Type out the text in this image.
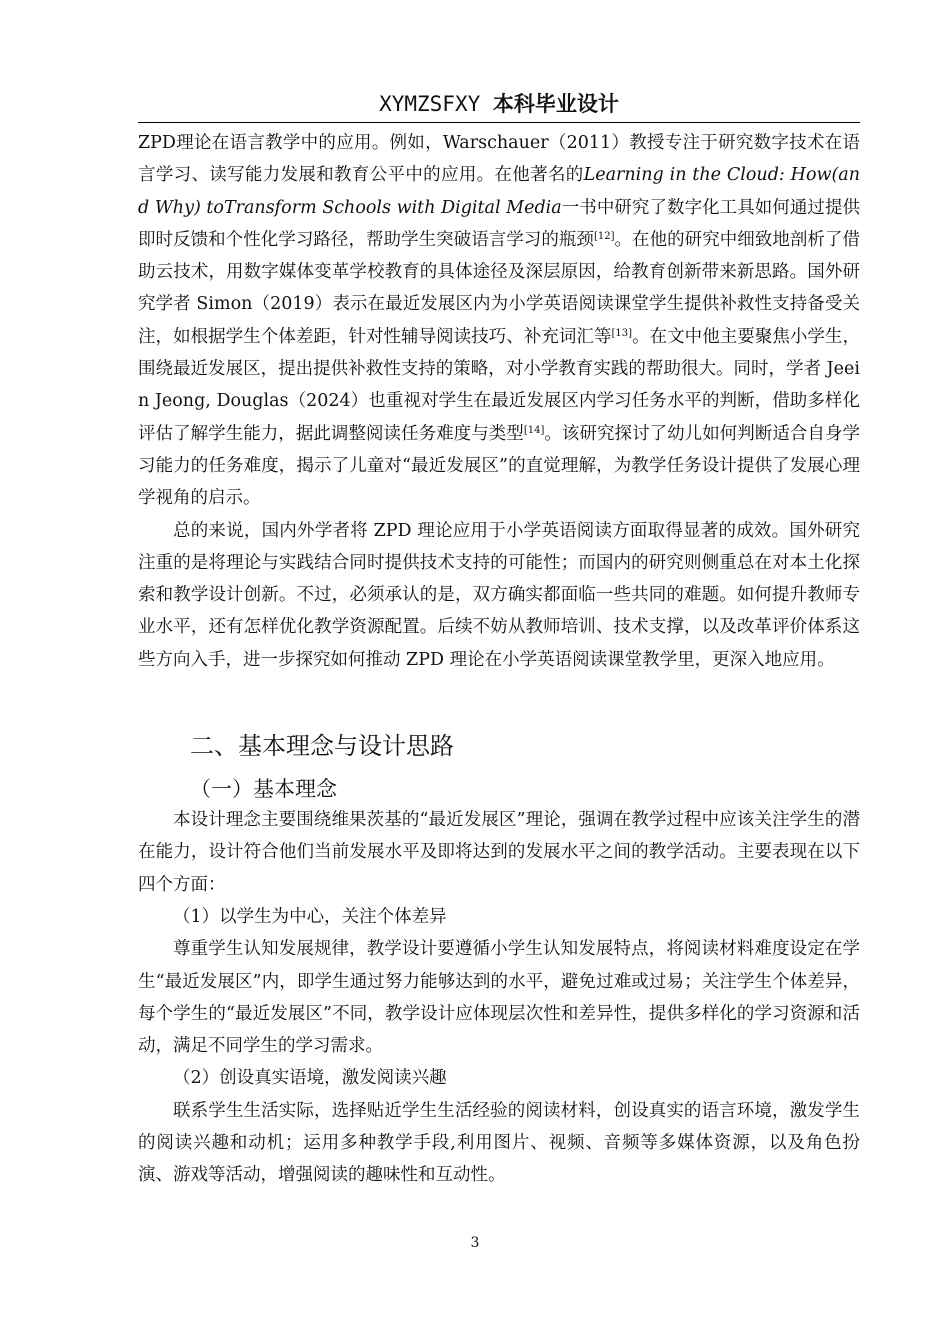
XYMZSFXY 本科毕业设计

ZPD理论在语言教学中的应用。例如，Warschauer（2011）教授专注于研究数字技术在语言学习、读写能力发展和教育公平中的应用。在他著名的Learning in the Cloud: How(and Why) toTransform Schools with Digital Media一书中研究了数字化工具如何通过提供即时反馈和个性化学习路径，帮助学生突破语言学习的瓶颈[12]。在他的研究中细致地剖析了借助云技术，用数字媒体变革学校教育的具体途径及深层原因，给教育创新带来新思路。国外研究学者 Simon（2019）表示在最近发展区内为小学英语阅读课堂学生提供补救性支持备受关注，如根据学生个体差距，针对性辅导阅读技巧、补充词汇等[13]。在文中他主要聚焦小学生，围绕最近发展区，提出提供补救性支持的策略，对小学教育实践的帮助很大。同时，学者 Jeein Jeong, Douglas（2024）也重视对学生在最近发展区内学习任务水平的判断，借助多样化评估了解学生能力，据此调整阅读任务难度与类型[14]。该研究探讨了幼儿如何判断适合自身学习能力的任务难度，揭示了儿童对“最近发展区”的直觉理解，为教学任务设计提供了发展心理学视角的启示。

总的来说，国内外学者将 ZPD 理论应用于小学英语阅读方面取得显著的成效。国外研究注重的是将理论与实践结合同时提供技术支持的可能性；而国内的研究则侧重总在对本土化探索和教学设计创新。不过，必须承认的是，双方确实都面临一些共同的难题。如何提升教师专业水平，还有怎样优化教学资源配置。后续不妨从教师培训、技术支撑，以及改革评价体系这些方向入手，进一步探究如何推动 ZPD 理论在小学英语阅读课堂教学里，更深入地应用。

二、基本理念与设计思路
（一）基本理念

本设计理念主要围绕维果茨基的“最近发展区”理论，强调在教学过程中应该关注学生的潜在能力，设计符合他们当前发展水平及即将达到的发展水平之间的教学活动。主要表现在以下四个方面：

（1）以学生为中心，关注个体差异

尊重学生认知发展规律，教学设计要遵循小学生认知发展特点，将阅读材料难度设定在学生“最近发展区”内，即学生通过努力能够达到的水平，避免过难或过易；关注学生个体差异，每个学生的“最近发展区”不同，教学设计应体现层次性和差异性，提供多样化的学习资源和活动，满足不同学生的学习需求。

（2）创设真实语境，激发阅读兴趣

联系学生生活实际，选择贴近学生生活经验的阅读材料，创设真实的语言环境，激发学生的阅读兴趣和动机；运用多种教学手段,利用图片、视频、音频等多媒体资源，以及角色扮演、游戏等活动，增强阅读的趣味性和互动性。

3
